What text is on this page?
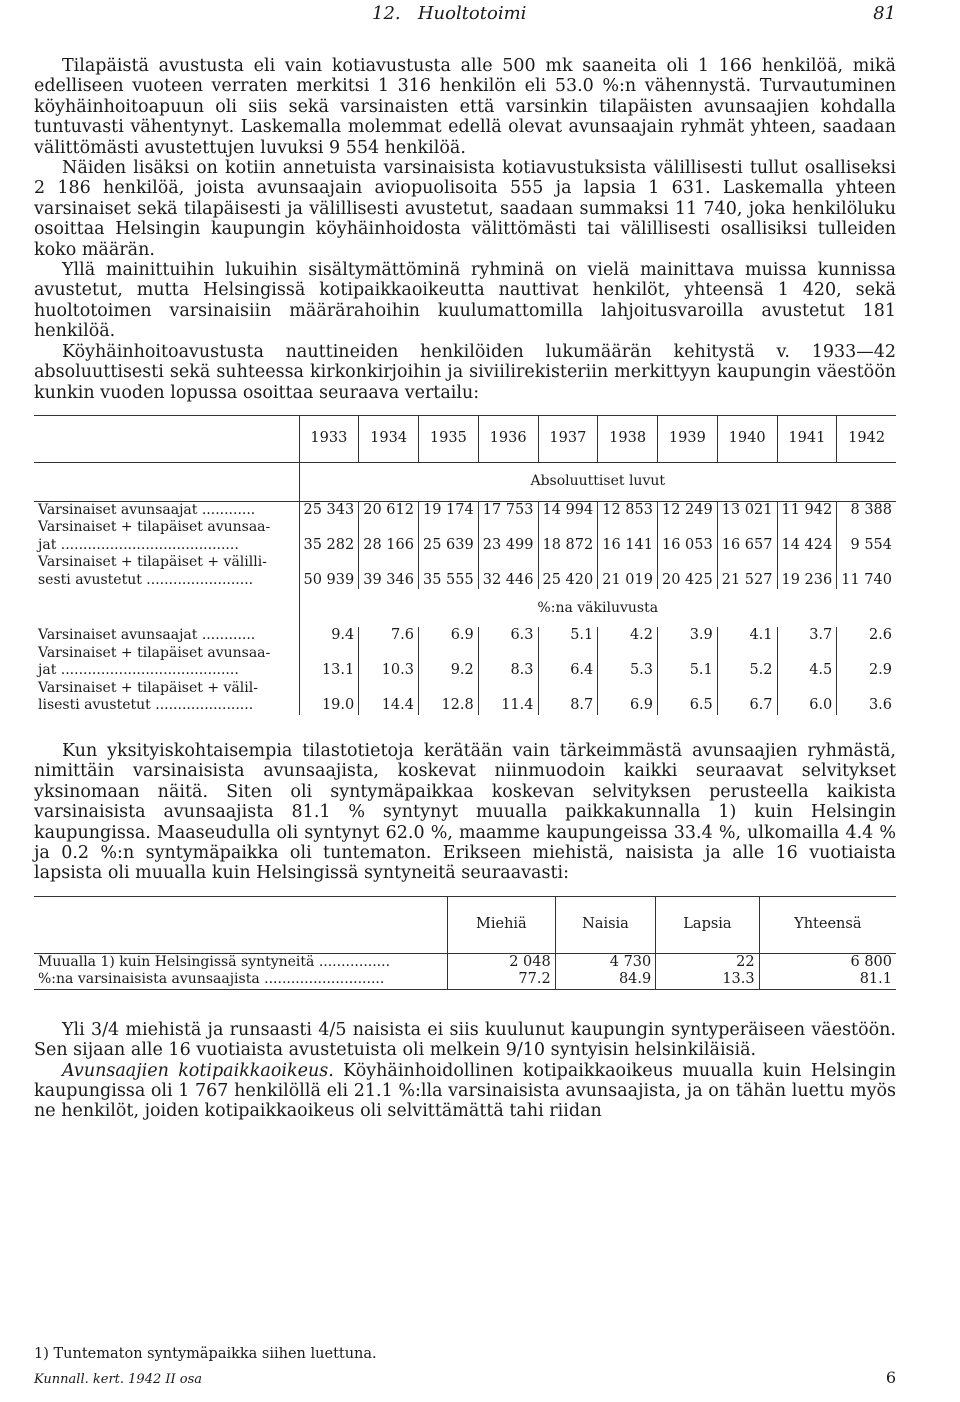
12. Huoltotoimi	81

Tilapäistä avustusta eli vain kotiavustusta alle 500 mk saaneita oli 1 166 henkilöä, mikä edelliseen vuoteen verraten merkitsi 1 316 henkilön eli 53.0 %:n vähennystä. Turvautuminen köyhäinhoitoapuun oli siis sekä varsinaisten että varsinkin tilapäisten avunsaajien kohdalla tuntuvasti vähentynyt. Laskemalla molemmat edellä olevat avunsaajain ryhmät yhteen, saadaan välittömästi avustettujen luvuksi 9 554 henkilöä.

Näiden lisäksi on kotiin annetuista varsinaisista kotiavustuksista välillisesti tullut osalliseksi 2 186 henkilöä, joista avunsaajain aviopuolisoita 555 ja lapsia 1 631. Laskemalla yhteen varsinaiset sekä tilapäisesti ja välillisesti avustetut, saadaan summaksi 11 740, joka henkilöluku osoittaa Helsingin kaupungin köyhäinhoidosta välittömästi tai välillisesti osallisiksi tulleiden koko määrän.

Yllä mainittuihin lukuihin sisältymättöminä ryhminä on vielä mainittava muissa kunnissa avustetut, mutta Helsingissä kotipaikkaoikeutta nauttivat henkilöt, yhteensä 1 420, sekä huoltotoimen varsinaisiin määrärahoihin kuulumattomilla lahjoitusvaroilla avustetut 181 henkilöä.

Köyhäinhoitoavustusta nauttineiden henkilöiden lukumäärän kehitystä v. 1933—42 absoluuttisesti sekä suhteessa kirkonkirjoihin ja siviilirekisteriin merkittyyn kaupungin väestöön kunkin vuoden lopussa osoittaa seuraava vertailu:

	1933	1934	1935	1936	1937	1938	1939	1940	1941	1942
	Absoluuttiset luvut									

Varsinaiset avunsaajat ............	25 343	20 612	19 174	17 753	14 994	12 853	12 249	13 021	11 942	8 388

Varsinaiset + tilapäiset avunsaa-
jat ........................................	35 282	28 166	25 639	23 499	18 872	16 141	16 053	16 657	14 424	9 554

Varsinaiset + tilapäiset + välilli-
sesti avustetut ........................	50 939	39 346	35 555	32 446	25 420	21 019	20 425	21 527	19 236	11 740
	%:na väkiluvusta									

Varsinaiset avunsaajat ............	9.4	7.6	6.9	6.3	5.1	4.2	3.9	4.1	3.7	2.6

Varsinaiset + tilapäiset avunsaa-
jat ........................................	13.1	10.3	9.2	8.3	6.4	5.3	5.1	5.2	4.5	2.9

Varsinaiset + tilapäiset + välil-
lisesti avustetut ......................	19.0	14.4	12.8	11.4	8.7	6.9	6.5	6.7	6.0	3.6

Kun yksityiskohtaisempia tilastotietoja kerätään vain tärkeimmästä avunsaajien ryhmästä, nimittäin varsinaisista avunsaajista, koskevat niinmuodoin kaikki seuraavat selvitykset yksinomaan näitä. Siten oli syntymäpaikkaa koskevan selvityksen perusteella kaikista varsinaisista avunsaajista 81.1 % syntynyt muualla paikkakunnalla 1) kuin Helsingin kaupungissa. Maaseudulla oli syntynyt 62.0 %, maamme kaupungeissa 33.4 %, ulkomailla 4.4 % ja 0.2 %:n syntymäpaikka oli tuntematon. Erikseen miehistä, naisista ja alle 16 vuotiaista lapsista oli muualla kuin Helsingissä syntyneitä seuraavasti:

	Miehiä	Naisia	Lapsia	Yhteensä
Muualla 1) kuin Helsingissä syntyneitä ................	2 048	4 730	22	6 800
%:na varsinaisista avunsaajista ...........................	77.2	84.9	13.3	81.1

Yli 3/4 miehistä ja runsaasti 4/5 naisista ei siis kuulunut kaupungin syntyperäiseen väestöön. Sen sijaan alle 16 vuotiaista avustetuista oli melkein 9/10 syntyisin helsinkiläisiä.

Avunsaajien kotipaikkaoikeus. Köyhäinhoidollinen kotipaikkaoikeus muualla kuin Helsingin kaupungissa oli 1 767 henkilöllä eli 21.1 %:lla varsinaisista avunsaajista, ja on tähän luettu myös ne henkilöt, joiden kotipaikkaoikeus oli selvittämättä tahi riidan

1) Tuntematon syntymäpaikka siihen luettuna.
Kunnall. kert. 1942 II osa	6
